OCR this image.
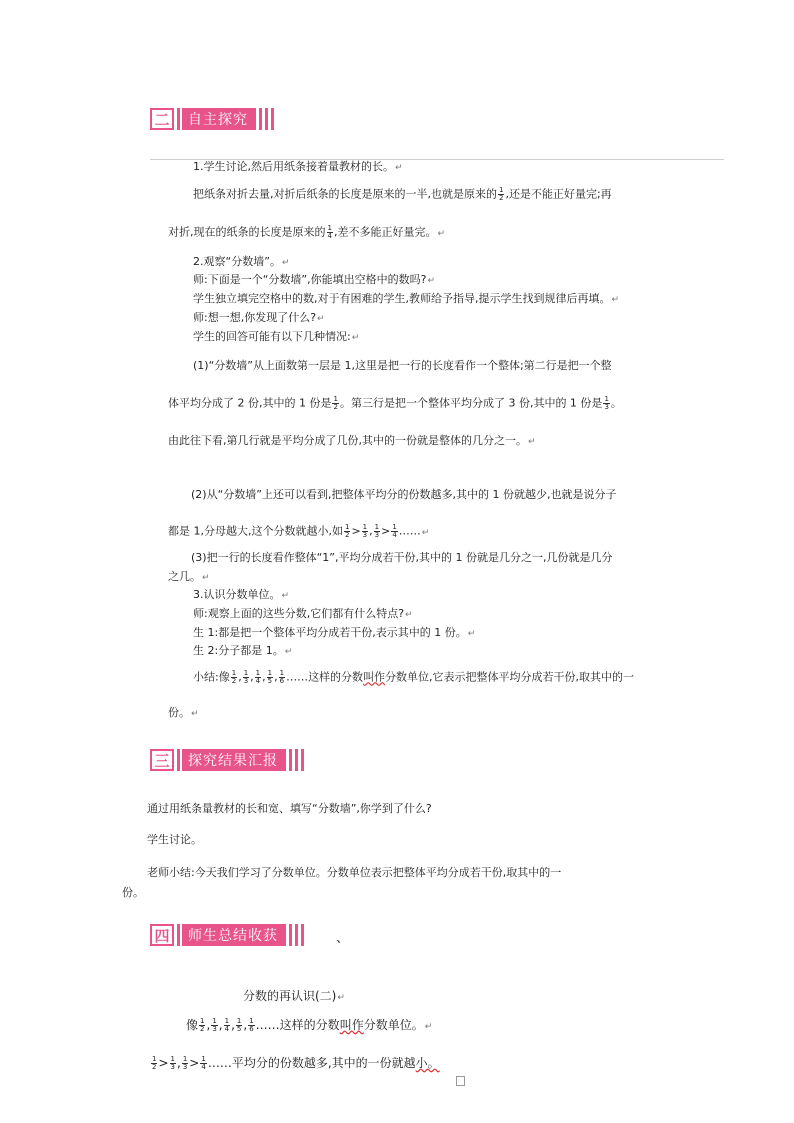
二	自主探究
1.学生讨论,然后用纸条接着量教材的长。↵
把纸条对折去量,对折后纸条的长度是原来的一半,也就是原来的 $\frac{1}{2}$ ,还是不能正好量完;再
对折,现在的纸条的长度是原来的 $\frac{1}{4}$ ,差不多能正好量完。↵
2.观察“分数墙”。↵
师:下面是一个“分数墙”,你能填出空格中的数吗?↵
学生独立填完空格中的数,对于有困难的学生,教师给予指导,提示学生找到规律后再填。↵
师:想一想,你发现了什么?↵
学生的回答可能有以下几种情况:↵
(1)“分数墙”从上面数第一层是 1,这里是把一行的长度看作一个整体;第二行是把一个整
体平均分成了 2 份,其中的 1 份是 $\frac{1}{2}$ 。第三行是把一个整体平均分成了 3 份,其中的 1 份是 $\frac{1}{3}$ 。
由此往下看,第几行就是平均分成了几份,其中的一份就是整体的几分之一。↵
(2)从“分数墙”上还可以看到,把整体平均分的份数越多,其中的 1 份就越少,也就是说分子
都是 1,分母越大,这个分数就越小,如 $\frac{1}{2} > \frac{1}{3}$ , $\frac{1}{3} > \frac{1}{4}$ ……↵
(3)把一行的长度看作整体“1”,平均分成若干份,其中的 1 份就是几分之一,几份就是几分
之几。↵
3.认识分数单位。↵
师:观察上面的这些分数,它们都有什么特点?↵
生 1:都是把一个整体平均分成若干份,表示其中的 1 份。↵
生 2:分子都是 1。↵
小结:像 $\frac{1}{2}$ , $\frac{1}{3}$ , $\frac{1}{4}$ , $\frac{1}{5}$ , $\frac{1}{6}$ ……这样的分数叫作分数单位,它表示把整体平均分成若干份,取其中的一
份。↵
三	探究结果汇报
通过用纸条量教材的长和宽、填写“分数墙”,你学到了什么?
学生讨论。
老师小结:今天我们学习了分数单位。分数单位表示把整体平均分成若干份,取其中的一
份。
四	师生总结收获	、
分数的再认识(二)↵
像 $\frac{1}{2}$ , $\frac{1}{3}$ , $\frac{1}{4}$ , $\frac{1}{5}$ , $\frac{1}{6}$ ……这样的分数叫作分数单位。↵
$\frac{1}{2} > \frac{1}{3}$ , $\frac{1}{3} > \frac{1}{4}$ ……平均分的份数越多,其中的一份就越小。
